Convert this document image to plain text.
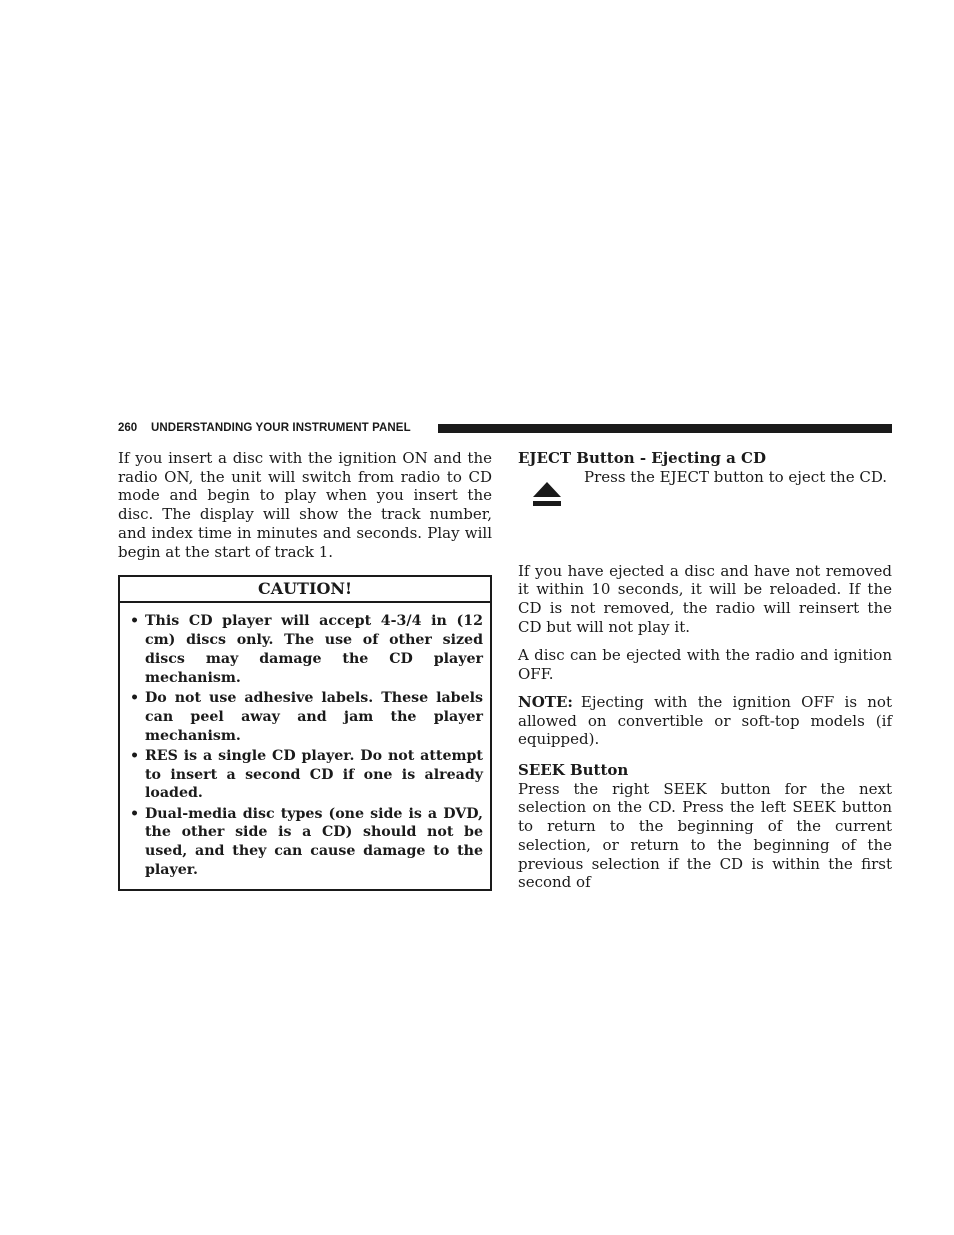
260 UNDERSTANDING YOUR INSTRUMENT PANEL

If you insert a disc with the ignition ON and the radio ON, the unit will switch from radio to CD mode and begin to play when you insert the disc. The display will show the track number, and index time in minutes and seconds. Play will begin at the start of track 1.

CAUTION!
• This CD player will accept 4-3/4 in (12 cm) discs only. The use of other sized discs may damage the CD player mechanism.
• Do not use adhesive labels. These labels can peel away and jam the player mechanism.
• RES is a single CD player. Do not attempt to insert a second CD if one is already loaded.
• Dual-media disc types (one side is a DVD, the other side is a CD) should not be used, and they can cause damage to the player.
EJECT Button - Ejecting a CD
Press the EJECT button to eject the CD.

If you have ejected a disc and have not removed it within 10 seconds, it will be reloaded. If the CD is not removed, the radio will reinsert the CD but will not play it.

A disc can be ejected with the radio and ignition OFF.

NOTE: Ejecting with the ignition OFF is not allowed on convertible or soft-top models (if equipped).

SEEK Button

Press the right SEEK button for the next selection on the CD. Press the left SEEK button to return to the beginning of the current selection, or return to the beginning of the previous selection if the CD is within the first second of
